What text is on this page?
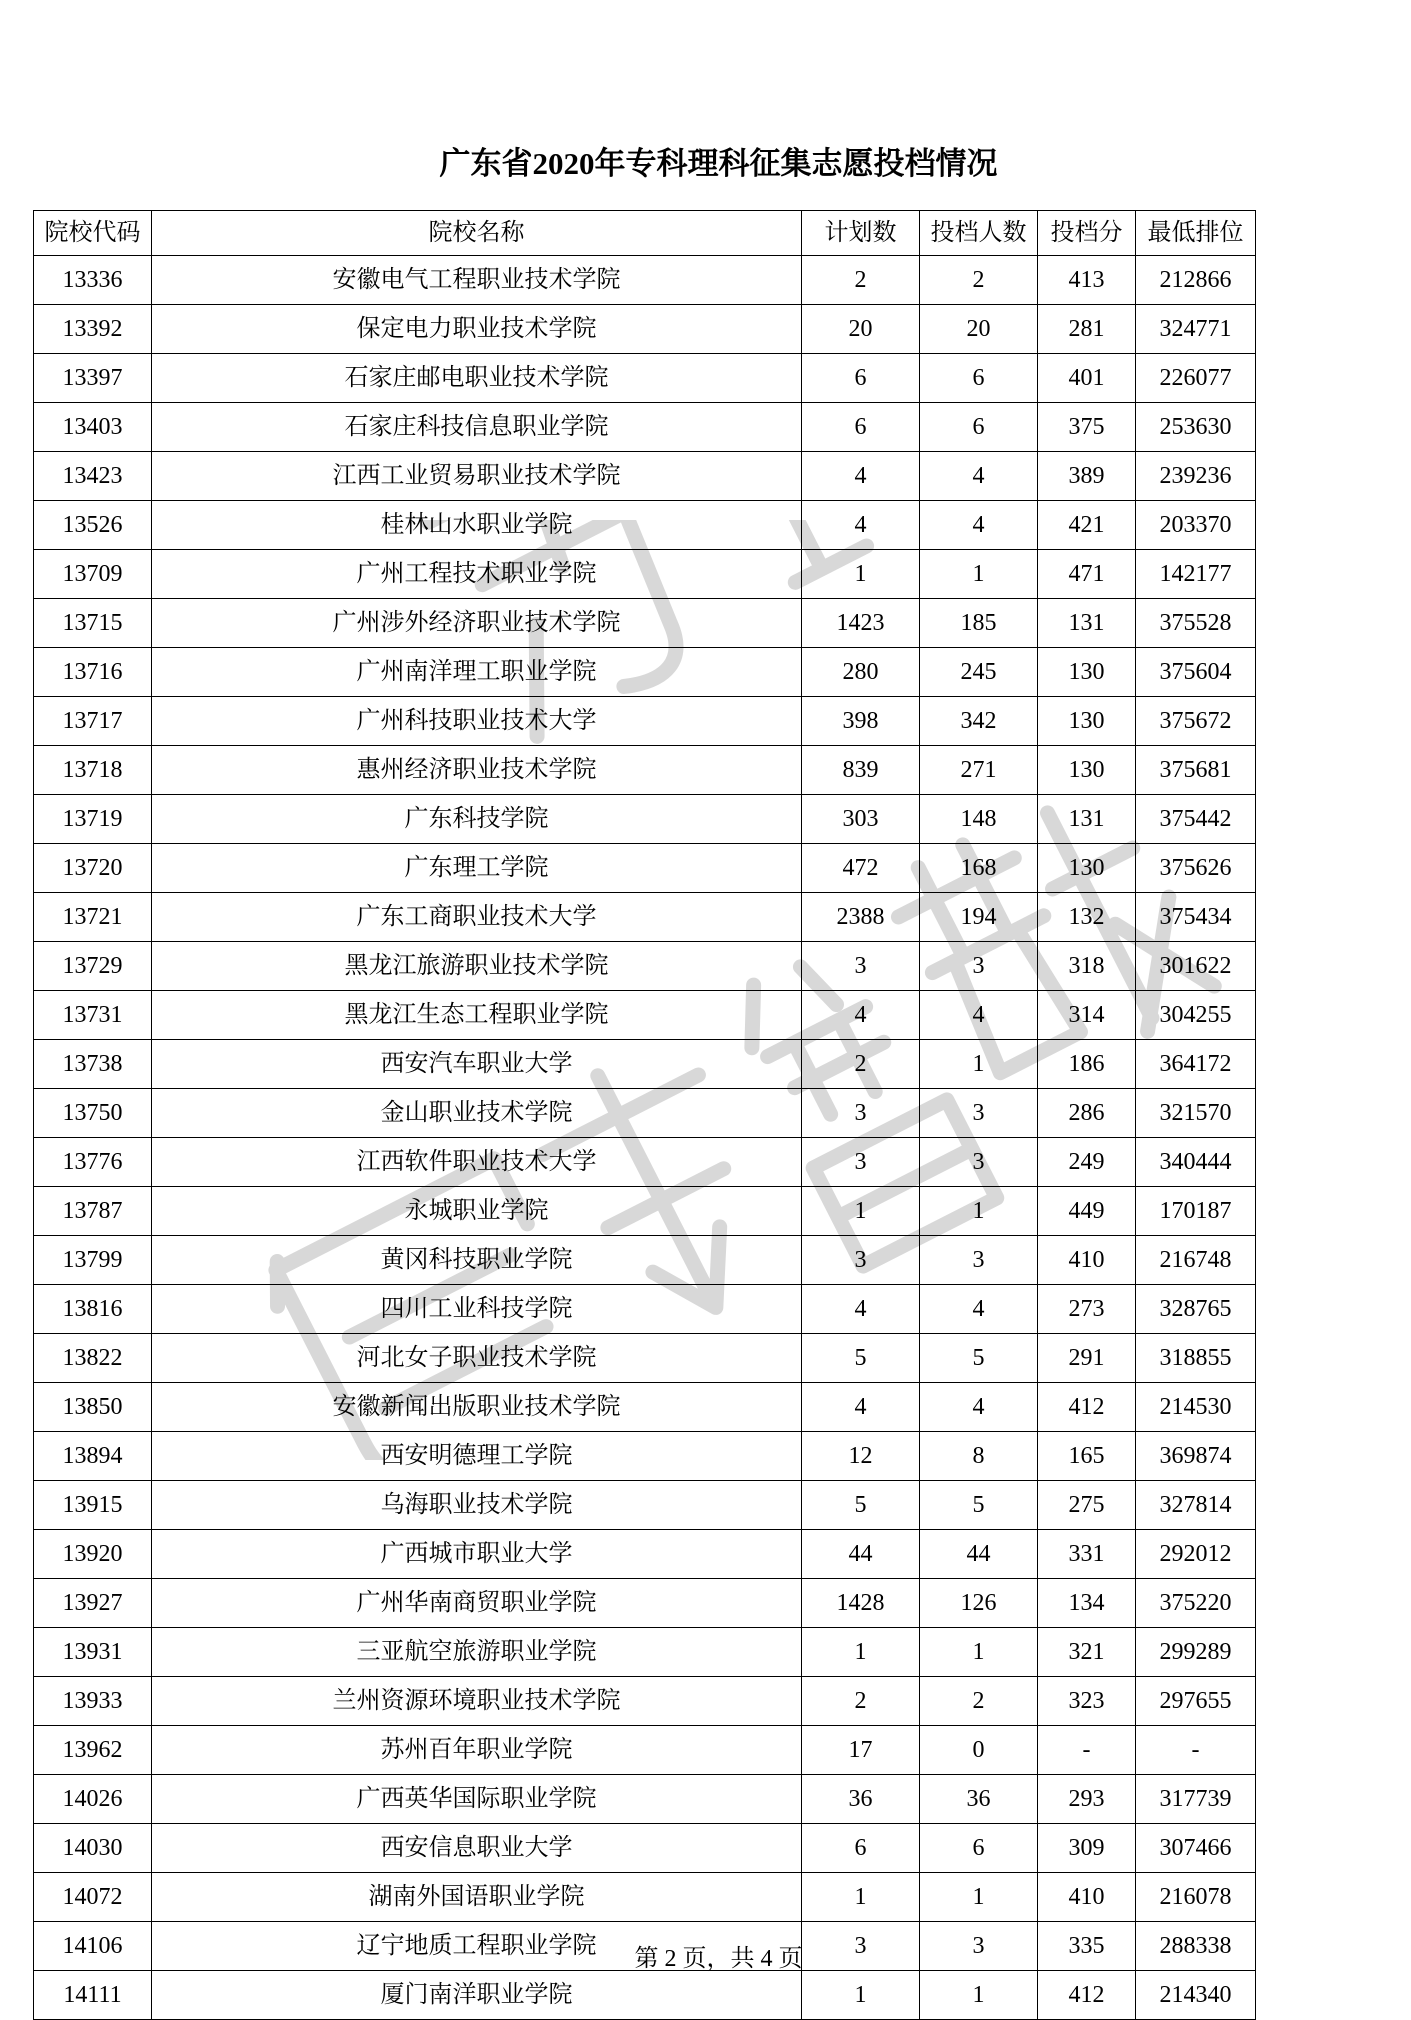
广东省2020年专科理科征集志愿投档情况
院校代码	院校名称	计划数	投档人数	投档分	最低排位
13336	安徽电气工程职业技术学院	2	2	413	212866
13392	保定电力职业技术学院	20	20	281	324771
13397	石家庄邮电职业技术学院	6	6	401	226077
13403	石家庄科技信息职业学院	6	6	375	253630
13423	江西工业贸易职业技术学院	4	4	389	239236
13526	桂林山水职业学院	4	4	421	203370
13709	广州工程技术职业学院	1	1	471	142177
13715	广州涉外经济职业技术学院	1423	185	131	375528
13716	广州南洋理工职业学院	280	245	130	375604
13717	广州科技职业技术大学	398	342	130	375672
13718	惠州经济职业技术学院	839	271	130	375681
13719	广东科技学院	303	148	131	375442
13720	广东理工学院	472	168	130	375626
13721	广东工商职业技术大学	2388	194	132	375434
13729	黑龙江旅游职业技术学院	3	3	318	301622
13731	黑龙江生态工程职业学院	4	4	314	304255
13738	西安汽车职业大学	2	1	186	364172
13750	金山职业技术学院	3	3	286	321570
13776	江西软件职业技术大学	3	3	249	340444
13787	永城职业学院	1	1	449	170187
13799	黄冈科技职业学院	3	3	410	216748
13816	四川工业科技学院	4	4	273	328765
13822	河北女子职业技术学院	5	5	291	318855
13850	安徽新闻出版职业技术学院	4	4	412	214530
13894	西安明德理工学院	12	8	165	369874
13915	乌海职业技术学院	5	5	275	327814
13920	广西城市职业大学	44	44	331	292012
13927	广州华南商贸职业学院	1428	126	134	375220
13931	三亚航空旅游职业学院	1	1	321	299289
13933	兰州资源环境职业技术学院	2	2	323	297655
13962	苏州百年职业学院	17	0	-	-
14026	广西英华国际职业学院	36	36	293	317739
14030	西安信息职业大学	6	6	309	307466
14072	湖南外国语职业学院	1	1	410	216078
14106	辽宁地质工程职业学院	3	3	335	288338
14111	厦门南洋职业学院	1	1	412	214340
第 2 页，共 4 页
